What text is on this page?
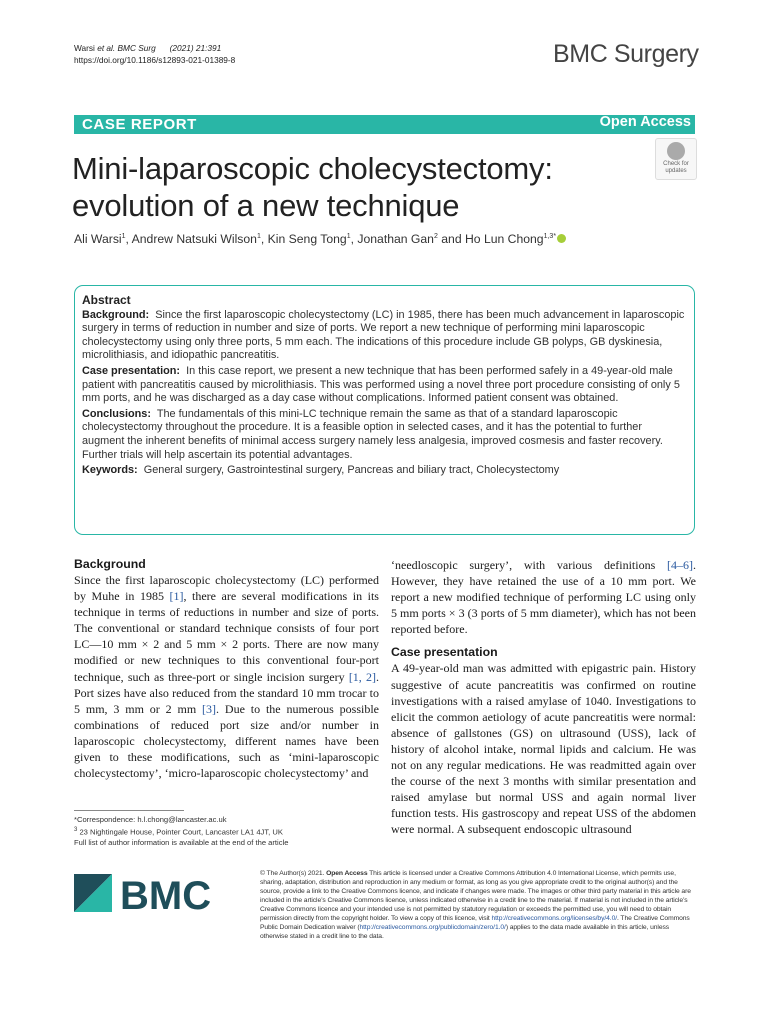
Warsi et al. BMC Surg (2021) 21:391
https://doi.org/10.1186/s12893-021-01389-8	BMC Surgery
CASE REPORT	Open Access
Mini-laparoscopic cholecystectomy: evolution of a new technique
Check for
updates
Ali Warsi$^1$, Andrew Natsuki Wilson$^1$, Kin Seng Tong$^1$, Jonathan Gan$^2$ and Ho Lun Chong$^{1,3*}$
Abstract

Background: Since the first laparoscopic cholecystectomy (LC) in 1985, there has been much advancement in laparoscopic surgery in terms of reduction in number and size of ports. We report a new technique of performing mini laparoscopic cholecystectomy using only three ports, 5 mm each. The indications of this procedure include GB polyps, GB dyskinesia, microlithiasis, and idiopathic pancreatitis.

Case presentation: In this case report, we present a new technique that has been performed safely in a 49-year-old male patient with pancreatitis caused by microlithiasis. This was performed using a novel three port procedure consisting of only 5 mm ports, and he was discharged as a day case without complications. Informed patient consent was obtained.

Conclusions: The fundamentals of this mini-LC technique remain the same as that of a standard laparoscopic cholecystectomy throughout the procedure. It is a feasible option in selected cases, and it has the potential to further augment the inherent benefits of minimal access surgery namely less analgesia, improved cosmesis and faster recovery. Further trials will help ascertain its potential advantages.

Keywords: General surgery, Gastrointestinal surgery, Pancreas and biliary tract, Cholecystectomy

Background

Since the first laparoscopic cholecystectomy (LC) performed by Muhe in 1985 [1], there are several modifications in its technique in terms of reductions in number and size of ports. The conventional or standard technique consists of four port LC—10 mm × 2 and 5 mm × 2 ports. There are now many modified or new techniques to this conventional four-port technique, such as three-port or single incision surgery [1, 2]. Port sizes have also reduced from the standard 10 mm trocar to 5 mm, 3 mm or 2 mm [3]. Due to the numerous possible combinations of reduced port size and/or number in laparoscopic cholecystectomy, different names have been given to these modifications, such as ‘mini-laparoscopic cholecystectomy’, ‘micro-laparoscopic cholecystectomy’ and

‘needloscopic surgery’, with various definitions [4–6]. However, they have retained the use of a 10 mm port. We report a new modified technique of performing LC using only 5 mm ports × 3 (3 ports of 5 mm diameter), which has not been reported before.

Case presentation

A 49-year-old man was admitted with epigastric pain. History suggestive of acute pancreatitis was confirmed on routine investigations with a raised amylase of 1040. Investigations to elicit the common aetiology of acute pancreatitis were normal: absence of gallstones (GS) on ultrasound (USS), lack of history of alcohol intake, normal lipids and calcium. He was not on any regular medications. He was readmitted again over the course of the next 3 months with similar presentation and raised amylase but normal USS and again normal liver function tests. His gastroscopy and repeat USS of the abdomen were normal. A subsequent endoscopic ultrasound

*Correspondence: h.l.chong@lancaster.ac.uk
$^3$ 23 Nightingale House, Pointer Court, Lancaster LA1 4JT, UK
Full list of author information is available at the end of the article
BMC
© The Author(s) 2021. Open Access This article is licensed under a Creative Commons Attribution 4.0 International License, which permits use, sharing, adaptation, distribution and reproduction in any medium or format, as long as you give appropriate credit to the original author(s) and the source, provide a link to the Creative Commons licence, and indicate if changes were made. The images or other third party material in this article are included in the article’s Creative Commons licence, unless indicated otherwise in a credit line to the material. If material is not included in the article’s Creative Commons licence and your intended use is not permitted by statutory regulation or exceeds the permitted use, you will need to obtain permission directly from the copyright holder. To view a copy of this licence, visit http://creativecommons.org/licenses/by/4.0/. The Creative Commons Public Domain Dedication waiver (http://creativecommons.org/publicdomain/zero/1.0/) applies to the data made available in this article, unless otherwise stated in a credit line to the data.
